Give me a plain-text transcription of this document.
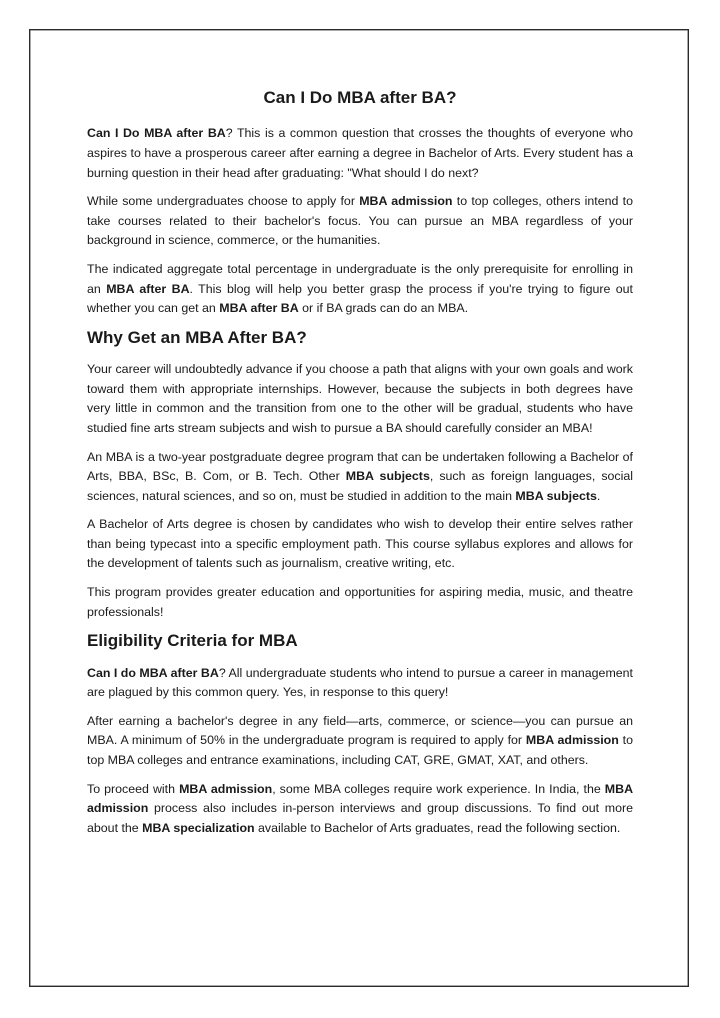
Can I Do MBA after BA?

Can I Do MBA after BA? This is a common question that crosses the thoughts of everyone who aspires to have a prosperous career after earning a degree in Bachelor of Arts. Every student has a burning question in their head after graduating: "What should I do next?

While some undergraduates choose to apply for MBA admission to top colleges, others intend to take courses related to their bachelor's focus. You can pursue an MBA regardless of your background in science, commerce, or the humanities.

The indicated aggregate total percentage in undergraduate is the only prerequisite for enrolling in an MBA after BA. This blog will help you better grasp the process if you're trying to figure out whether you can get an MBA after BA or if BA grads can do an MBA.

Why Get an MBA After BA?

Your career will undoubtedly advance if you choose a path that aligns with your own goals and work toward them with appropriate internships. However, because the subjects in both degrees have very little in common and the transition from one to the other will be gradual, students who have studied fine arts stream subjects and wish to pursue a BA should carefully consider an MBA!

An MBA is a two-year postgraduate degree program that can be undertaken following a Bachelor of Arts, BBA, BSc, B. Com, or B. Tech. Other MBA subjects, such as foreign languages, social sciences, natural sciences, and so on, must be studied in addition to the main MBA subjects.

A Bachelor of Arts degree is chosen by candidates who wish to develop their entire selves rather than being typecast into a specific employment path. This course syllabus explores and allows for the development of talents such as journalism, creative writing, etc.

This program provides greater education and opportunities for aspiring media, music, and theatre professionals!

Eligibility Criteria for MBA

Can I do MBA after BA? All undergraduate students who intend to pursue a career in management are plagued by this common query. Yes, in response to this query!

After earning a bachelor's degree in any field—arts, commerce, or science—you can pursue an MBA. A minimum of 50% in the undergraduate program is required to apply for MBA admission to top MBA colleges and entrance examinations, including CAT, GRE, GMAT, XAT, and others.

To proceed with MBA admission, some MBA colleges require work experience. In India, the MBA admission process also includes in-person interviews and group discussions. To find out more about the MBA specialization available to Bachelor of Arts graduates, read the following section.
